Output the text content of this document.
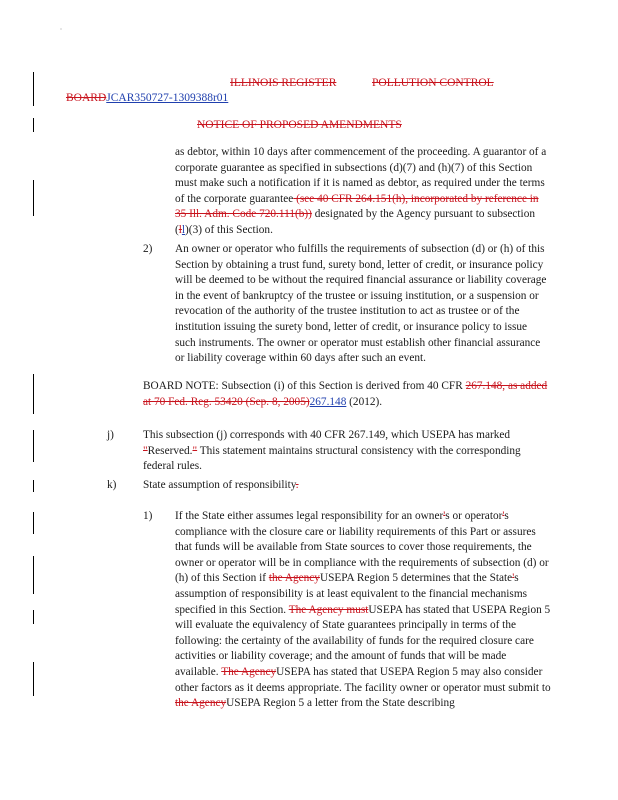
ILLINOIS REGISTER	POLLUTION CONTROL
BOARDJCAR350727-1309388r01
NOTICE OF PROPOSED AMENDMENTS
as debtor, within 10 days after commencement of the proceeding. A guarantor of a corporate guarantee as specified in subsections (d)(7) and (h)(7) of this Section must make such a notification if it is named as debtor, as required under the terms of the corporate guarantee (see 40 CFR 264.151(h), incorporated by reference in 35 Ill. Adm. Code 720.111(b)) designated by the Agency pursuant to subsection (ll)(3) of this Section.
2) An owner or operator who fulfills the requirements of subsection (d) or (h) of this Section by obtaining a trust fund, surety bond, letter of credit, or insurance policy will be deemed to be without the required financial assurance or liability coverage in the event of bankruptcy of the trustee or issuing institution, or a suspension or revocation of the authority of the trustee institution to act as trustee or of the institution issuing the surety bond, letter of credit, or insurance policy to issue such instruments. The owner or operator must establish other financial assurance or liability coverage within 60 days after such an event.
BOARD NOTE: Subsection (i) of this Section is derived from 40 CFR 267.148, as added at 70 Fed. Reg. 53420 (Sep. 8, 2005)267.148 (2012).
j)	This subsection (j) corresponds with 40 CFR 267.149, which USEPA has marked "Reserved." This statement maintains structural consistency with the corresponding federal rules.
k) State assumption of responsibility.
1) If the State either assumes legal responsibility for an owner's or operator's compliance with the closure care or liability requirements of this Part or assures that funds will be available from State sources to cover those requirements, the owner or operator will be in compliance with the requirements of subsection (d) or (h) of this Section if the AgencyUSEPA Region 5 determines that the State's assumption of responsibility is at least equivalent to the financial mechanisms specified in this Section. The Agency mustUSEPA has stated that USEPA Region 5 will evaluate the equivalency of State guarantees principally in terms of the following: the certainty of the availability of funds for the required closure care activities or liability coverage; and the amount of funds that will be made available. The AgencyUSEPA has stated that USEPA Region 5 may also consider other factors as it deems appropriate. The facility owner or operator must submit to the AgencyUSEPA Region 5 a letter from the State describing
